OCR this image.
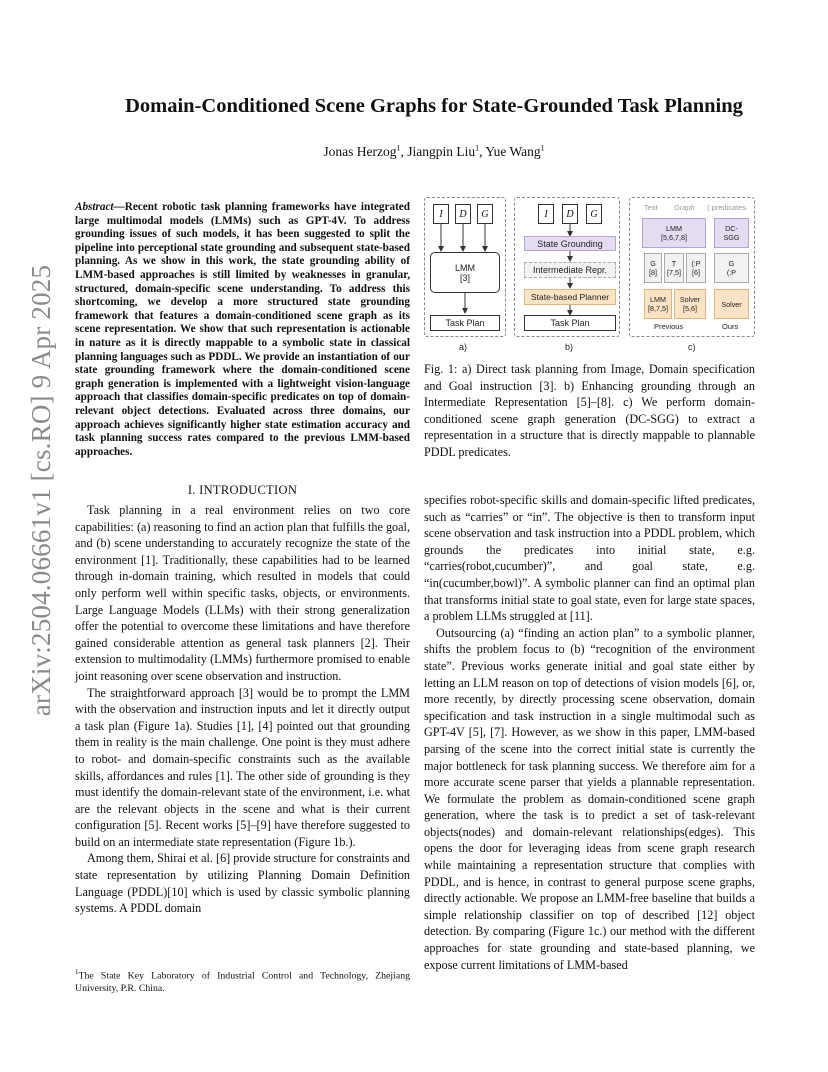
arXiv:2504.06661v1 [cs.RO] 9 Apr 2025
Domain-Conditioned Scene Graphs for State-Grounded Task Planning
Jonas Herzog$^1$, Jiangpin Liu$^1$, Yue Wang$^1$
Abstract—Recent robotic task planning frameworks have integrated large multimodal models (LMMs) such as GPT-4V. To address grounding issues of such models, it has been suggested to split the pipeline into perceptional state grounding and subsequent state-based planning. As we show in this work, the state grounding ability of LMM-based approaches is still limited by weaknesses in granular, structured, domain-specific scene understanding. To address this shortcoming, we develop a more structured state grounding framework that features a domain-conditioned scene graph as its scene representation. We show that such representation is actionable in nature as it is directly mappable to a symbolic state in classical planning languages such as PDDL. We provide an instantiation of our state grounding framework where the domain-conditioned scene graph generation is implemented with a lightweight vision-language approach that classifies domain-specific predicates on top of domain-relevant object detections. Evaluated across three domains, our approach achieves significantly higher state estimation accuracy and task planning success rates compared to the previous LMM-based approaches.
I. INTRODUCTION

Task planning in a real environment relies on two core capabilities: (a) reasoning to find an action plan that fulfills the goal, and (b) scene understanding to accurately recognize the state of the environment [1]. Traditionally, these capabilities had to be learned through in-domain training, which resulted in models that could only perform well within specific tasks, objects, or environments. Large Language Models (LLMs) with their strong generalization offer the potential to overcome these limitations and have therefore gained considerable attention as general task planners [2]. Their extension to multimodality (LMMs) furthermore promised to enable joint reasoning over scene observation and instruction.

The straightforward approach [3] would be to prompt the LMM with the observation and instruction inputs and let it directly output a task plan (Figure 1a). Studies [1], [4] pointed out that grounding them in reality is the main challenge. One point is they must adhere to robot- and domain-specific constraints such as the available skills, affordances and rules [1]. The other side of grounding is they must identify the domain-relevant state of the environment, i.e. what are the relevant objects in the scene and what is their current configuration [5]. Recent works [5]–[9] have therefore suggested to build on an intermediate state representation (Figure 1b.).

Among them, Shirai et al. [6] provide structure for constraints and state representation by utilizing Planning Domain Definition Language (PDDL)[10] which is used by classic symbolic planning systems. A PDDL domain

$^1$The State Key Laboratory of Industrial Control and Technology, Zhejiang University, P.R. China.
I	D	G
LMM
[3]
Task Plan
a)
I	D	G
State Grounding
Intermediate Repr.
State-based Planner
Task Plan
b)
Text Graph (:predicates
LMM
[5,6,7,8]
DC-SGG
G
[8]
T
[7,5]
(:P
[6]
G
(:P
LMM
[8,7,5]
Solver
[5,6]	Solver
Previous	Ours
c)
Fig. 1: a) Direct task planning from Image, Domain specification and Goal instruction [3]. b) Enhancing grounding through an Intermediate Representation [5]–[8]. c) We perform domain-conditioned scene graph generation (DC-SGG) to extract a representation in a structure that is directly mappable to plannable PDDL predicates.

specifies robot-specific skills and domain-specific lifted predicates, such as “carries” or “in”. The objective is then to transform input scene observation and task instruction into a PDDL problem, which grounds the predicates into initial state, e.g. “carries(robot,cucumber)”, and goal state, e.g. “in(cucumber,bowl)”. A symbolic planner can find an optimal plan that transforms initial state to goal state, even for large state spaces, a problem LLMs struggled at [11].

Outsourcing (a) “finding an action plan” to a symbolic planner, shifts the problem focus to (b) “recognition of the environment state”. Previous works generate initial and goal state either by letting an LLM reason on top of detections of vision models [6], or, more recently, by directly processing scene observation, domain specification and task instruction in a single multimodal such as GPT-4V [5], [7]. However, as we show in this paper, LMM-based parsing of the scene into the correct initial state is currently the major bottleneck for task planning success. We therefore aim for a more accurate scene parser that yields a plannable representation. We formulate the problem as domain-conditioned scene graph generation, where the task is to predict a set of task-relevant objects(nodes) and domain-relevant relationships(edges). This opens the door for leveraging ideas from scene graph research while maintaining a representation structure that complies with PDDL, and is hence, in contrast to general purpose scene graphs, directly actionable. We propose an LMM-free baseline that builds a simple relationship classifier on top of described [12] object detection. By comparing (Figure 1c.) our method with the different approaches for state grounding and state-based planning, we expose current limitations of LMM-based
